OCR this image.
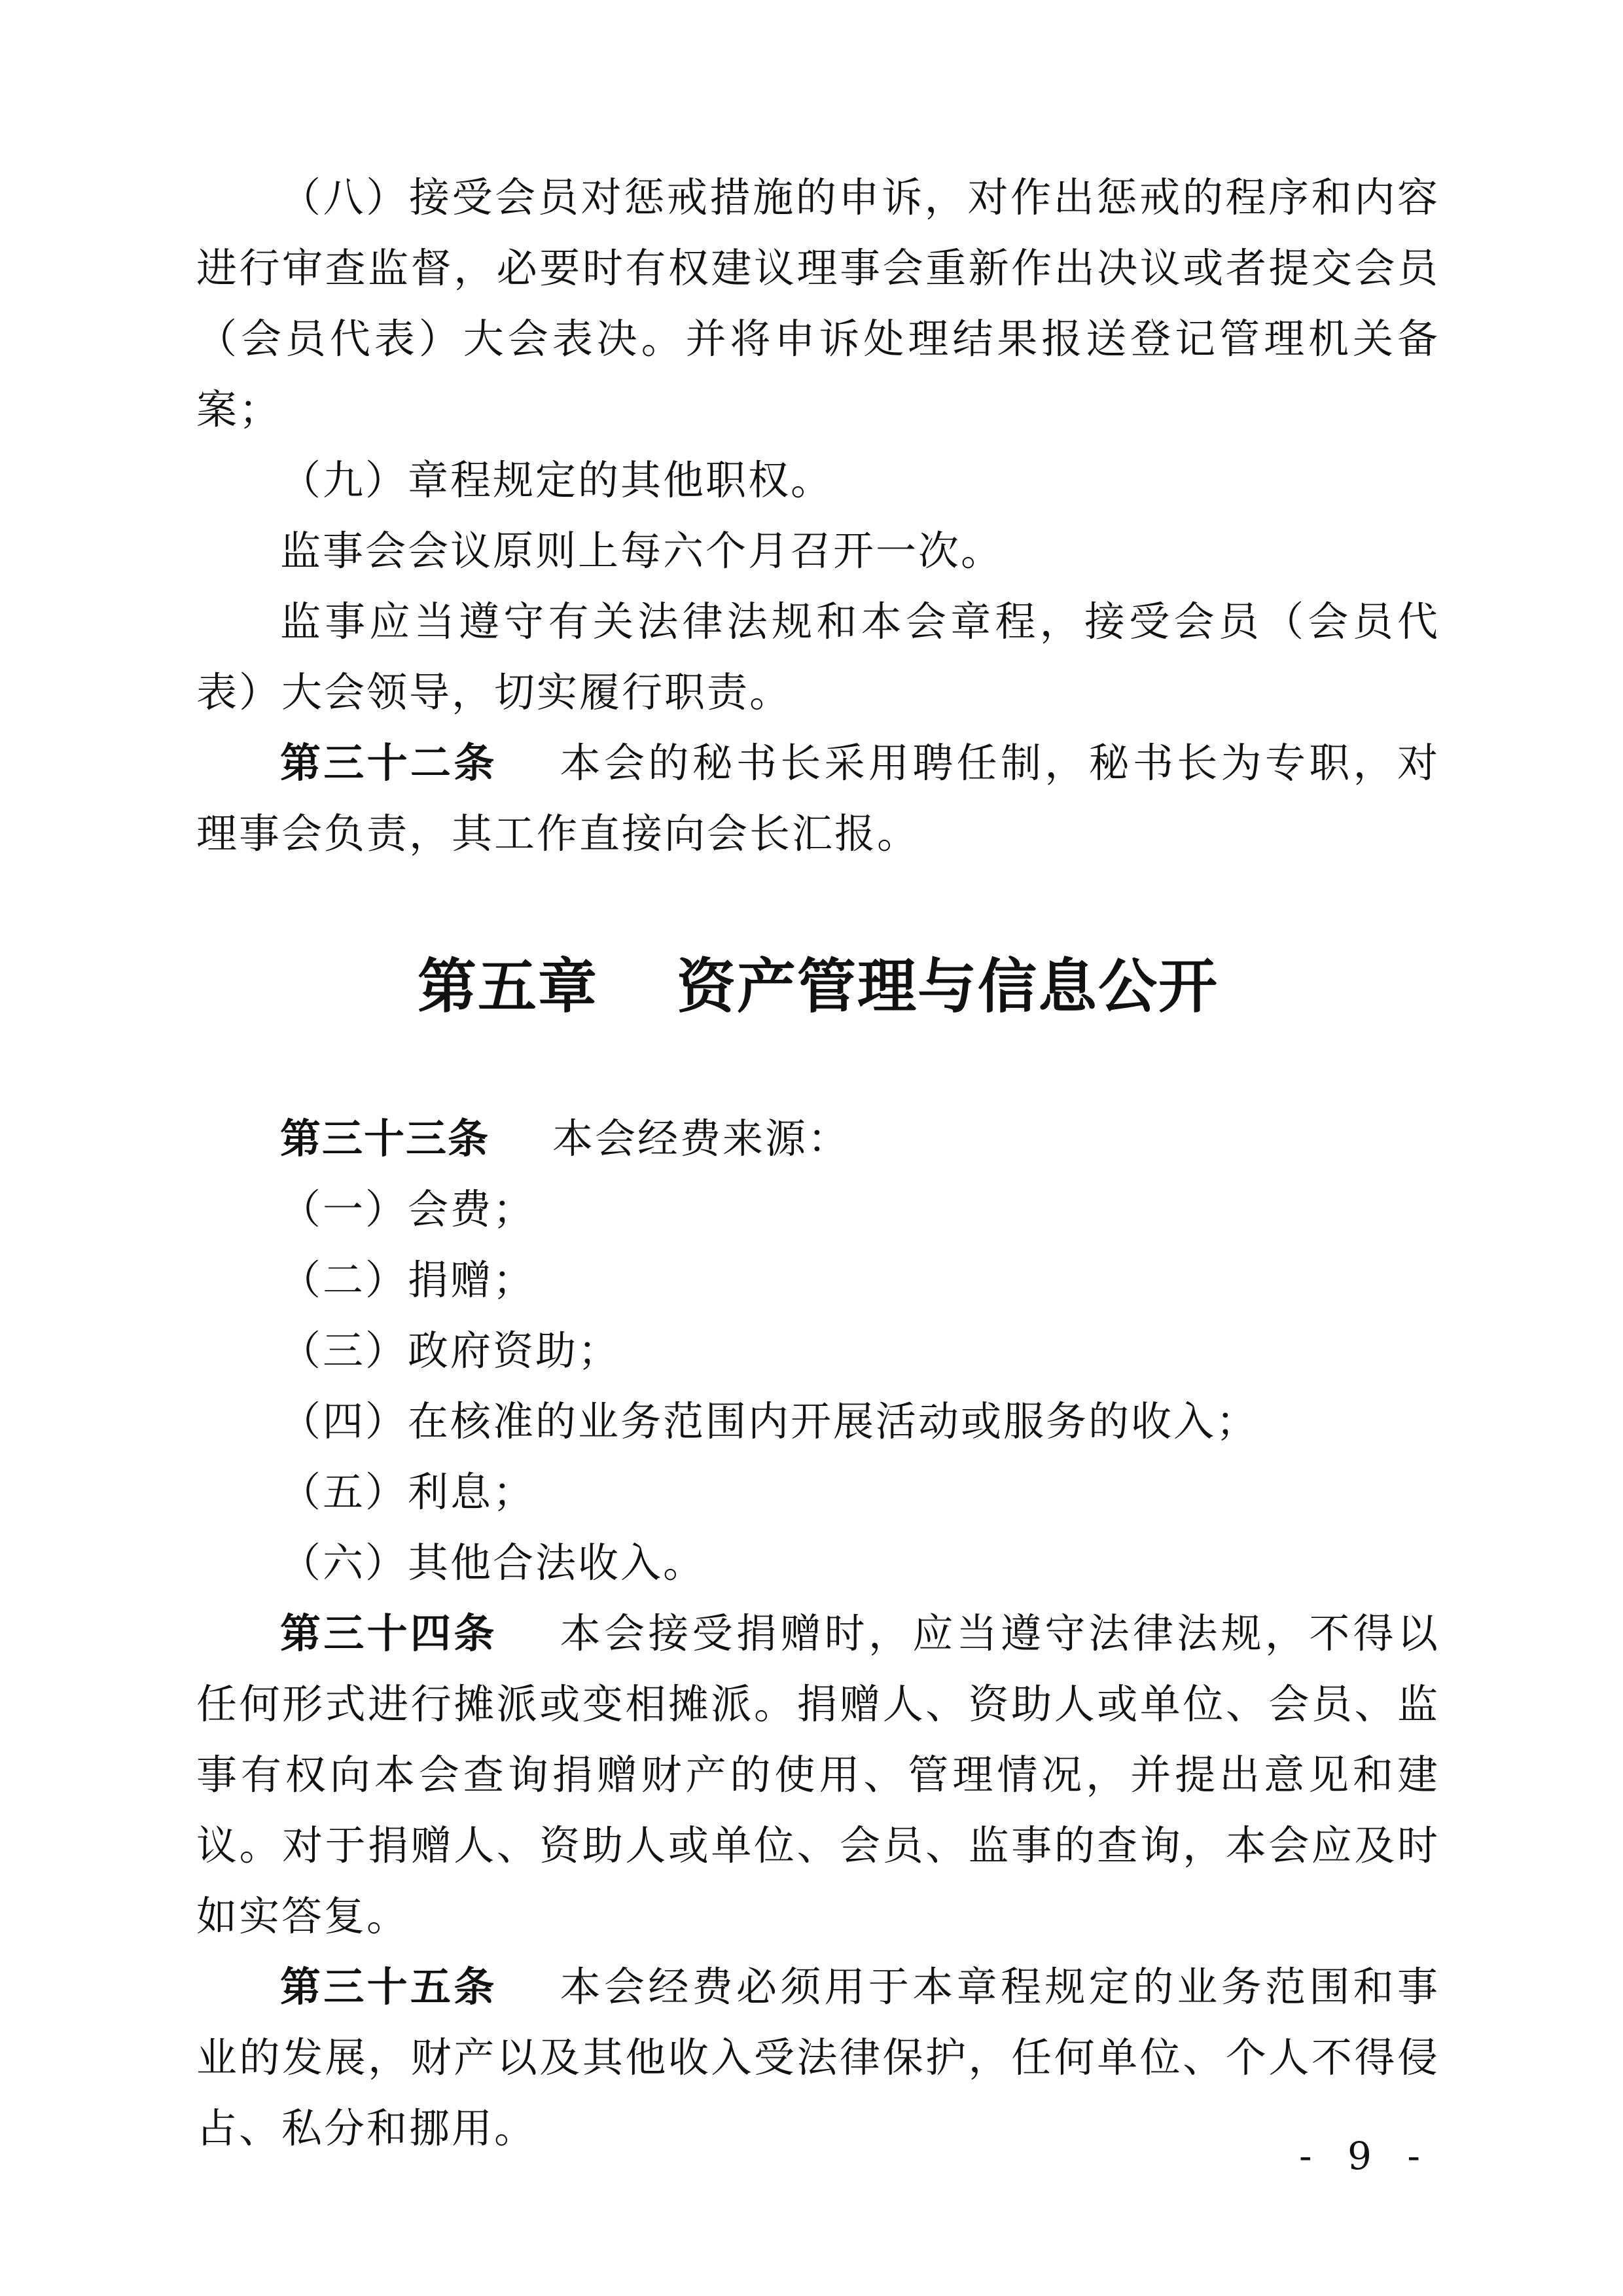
（八）接受会员对惩戒措施的申诉，对作出惩戒的程序和内容进行审查监督，必要时有权建议理事会重新作出决议或者提交会员（会员代表）大会表决。并将申诉处理结果报送登记管理机关备案；

（九）章程规定的其他职权。

监事会会议原则上每六个月召开一次。

监事应当遵守有关法律法规和本会章程，接受会员（会员代表）大会领导，切实履行职责。

第三十二条 本会的秘书长采用聘任制，秘书长为专职，对理事会负责，其工作直接向会长汇报。

第五章 资产管理与信息公开

第三十三条 本会经费来源：

（一）会费；

（二）捐赠；

（三）政府资助；

（四）在核准的业务范围内开展活动或服务的收入；

（五）利息；

（六）其他合法收入。

第三十四条 本会接受捐赠时，应当遵守法律法规，不得以任何形式进行摊派或变相摊派。捐赠人、资助人或单位、会员、监事有权向本会查询捐赠财产的使用、管理情况，并提出意见和建议。对于捐赠人、资助人或单位、会员、监事的查询，本会应及时如实答复。

第三十五条 本会经费必须用于本章程规定的业务范围和事业的发展，财产以及其他收入受法律保护，任何单位、个人不得侵占、私分和挪用。

- 9 -
